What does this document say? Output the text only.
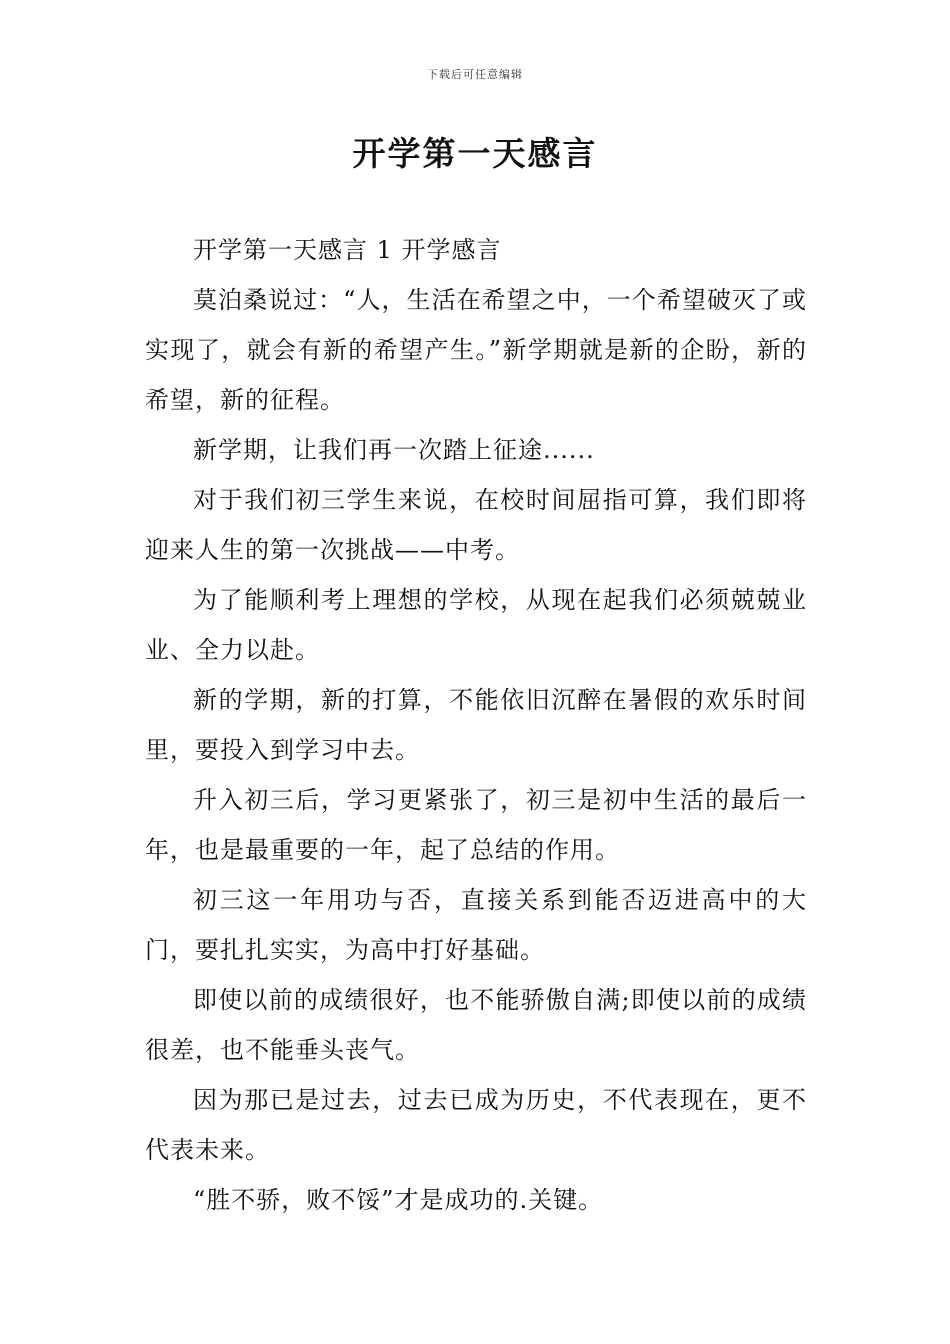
下载后可任意编辑
开学第一天感言

开学第一天感言 1 开学感言

莫泊桑说过：“人，生活在希望之中，一个希望破灭了或实现了，就会有新的希望产生。”新学期就是新的企盼，新的希望，新的征程。

新学期，让我们再一次踏上征途......

对于我们初三学生来说，在校时间屈指可算，我们即将迎来人生的第一次挑战——中考。

为了能顺利考上理想的学校，从现在起我们必须兢兢业业、全力以赴。

新的学期，新的打算，不能依旧沉醉在暑假的欢乐时间里，要投入到学习中去。

升入初三后，学习更紧张了，初三是初中生活的最后一年，也是最重要的一年，起了总结的作用。

初三这一年用功与否，直接关系到能否迈进高中的大门，要扎扎实实，为高中打好基础。

即使以前的成绩很好，也不能骄傲自满;即使以前的成绩很差，也不能垂头丧气。

因为那已是过去，过去已成为历史，不代表现在，更不代表未来。

“胜不骄，败不馁”才是成功的.关键。
